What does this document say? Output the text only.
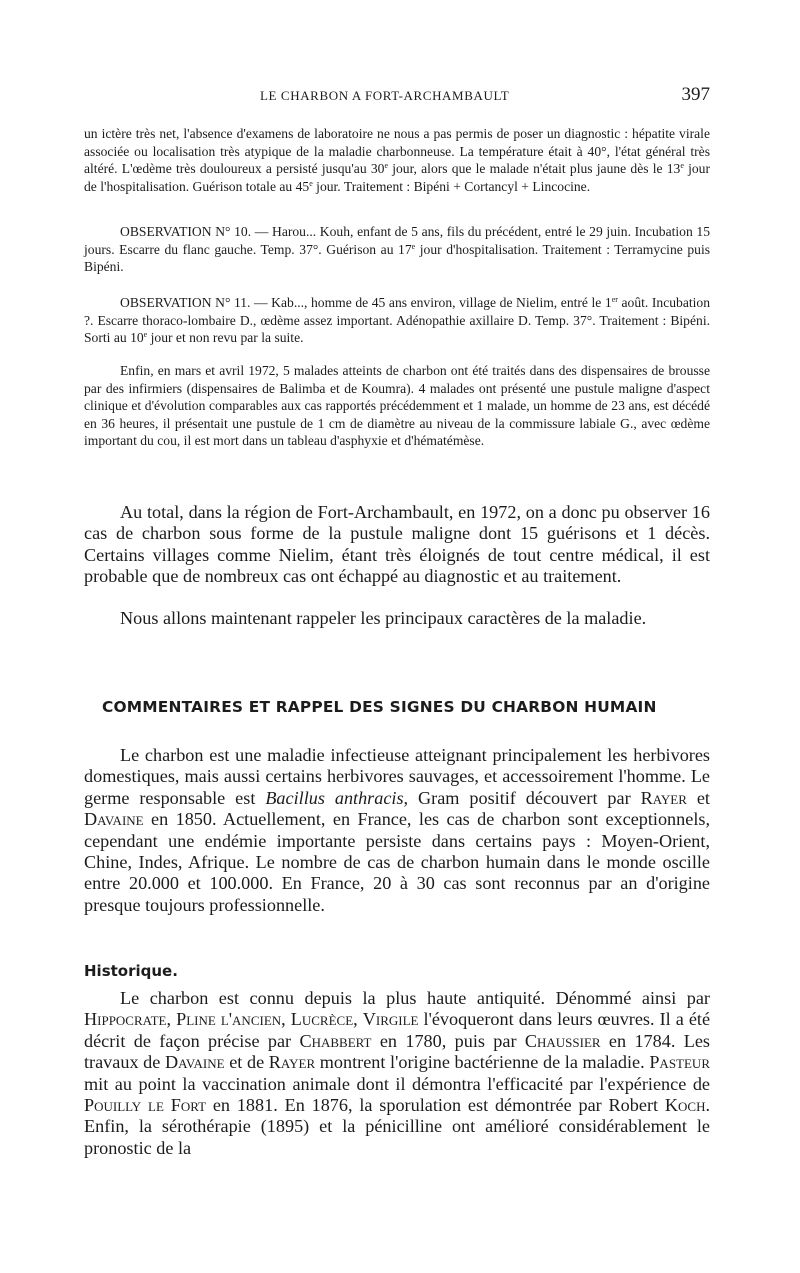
LE CHARBON A FORT-ARCHAMBAULT	397

un ictère très net, l'absence d'examens de laboratoire ne nous a pas permis de poser un diagnostic : hépatite virale associée ou localisation très atypique de la maladie charbonneuse. La température était à 40°, l'état général très altéré. L'œdème très douloureux a persisté jusqu'au 30e jour, alors que le malade n'était plus jaune dès le 13e jour de l'hospitalisation. Guérison totale au 45e jour. Traitement : Bipéni + Cortancyl + Lincocine.

OBSERVATION N° 10. — Harou... Kouh, enfant de 5 ans, fils du précédent, entré le 29 juin. Incubation 15 jours. Escarre du flanc gauche. Temp. 37°. Guérison au 17e jour d'hospitalisation. Traitement : Terramycine puis Bipéni.

OBSERVATION N° 11. — Kab..., homme de 45 ans environ, village de Nielim, entré le 1er août. Incubation ?. Escarre thoraco-lombaire D., œdème assez important. Adénopathie axillaire D. Temp. 37°. Traitement : Bipéni. Sorti au 10e jour et non revu par la suite.

Enfin, en mars et avril 1972, 5 malades atteints de charbon ont été traités dans des dispensaires de brousse par des infirmiers (dispensaires de Balimba et de Koumra). 4 malades ont présenté une pustule maligne d'aspect clinique et d'évolution comparables aux cas rapportés précédemment et 1 malade, un homme de 23 ans, est décédé en 36 heures, il présentait une pustule de 1 cm de diamètre au niveau de la commissure labiale G., avec œdème important du cou, il est mort dans un tableau d'asphyxie et d'hématémèse.

Au total, dans la région de Fort-Archambault, en 1972, on a donc pu observer 16 cas de charbon sous forme de la pustule maligne dont 15 guérisons et 1 décès. Certains villages comme Nielim, étant très éloignés de tout centre médical, il est probable que de nombreux cas ont échappé au diagnostic et au traitement.

Nous allons maintenant rappeler les principaux caractères de la maladie.

COMMENTAIRES ET RAPPEL DES SIGNES DU CHARBON HUMAIN

Le charbon est une maladie infectieuse atteignant principalement les herbivores domestiques, mais aussi certains herbivores sauvages, et accessoirement l'homme. Le germe responsable est Bacillus anthracis, Gram positif découvert par Rayer et Davaine en 1850. Actuellement, en France, les cas de charbon sont exceptionnels, cependant une endémie importante persiste dans certains pays : Moyen-Orient, Chine, Indes, Afrique. Le nombre de cas de charbon humain dans le monde oscille entre 20.000 et 100.000. En France, 20 à 30 cas sont reconnus par an d'origine presque toujours professionnelle.

Historique.

Le charbon est connu depuis la plus haute antiquité. Dénommé ainsi par Hippocrate, Pline l'ancien, Lucrèce, Virgile l'évoqueront dans leurs œuvres. Il a été décrit de façon précise par Chabbert en 1780, puis par Chaussier en 1784. Les travaux de Davaine et de Rayer montrent l'origine bactérienne de la maladie. Pasteur mit au point la vaccination animale dont il démontra l'efficacité par l'expérience de Pouilly le Fort en 1881. En 1876, la sporulation est démontrée par Robert Koch. Enfin, la sérothérapie (1895) et la pénicilline ont amélioré considérablement le pronostic de la
